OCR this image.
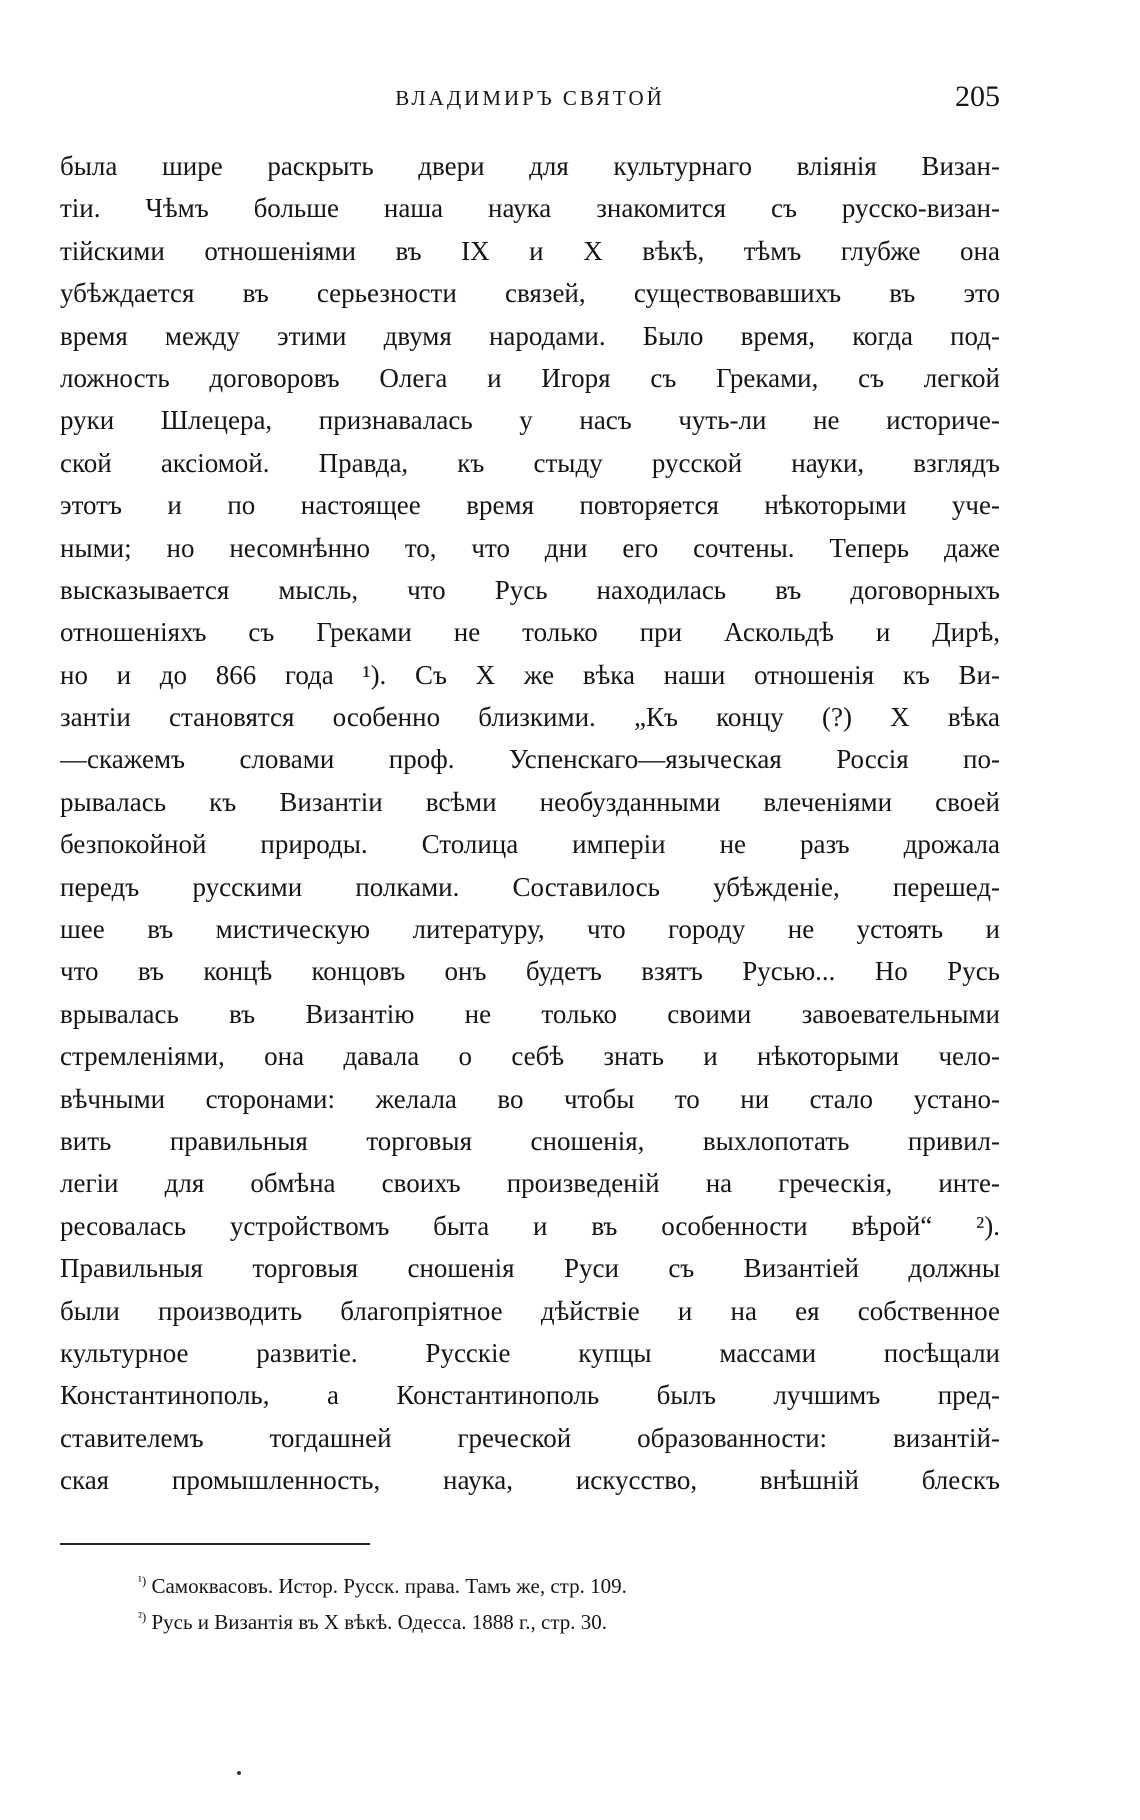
ВЛАДИМИРЪ СВЯТОЙ	205
была шире раскрыть двери для культурнаго вліянія Визан-
тіи. Чѣмъ больше наша наука знакомится съ русско-визан-
тійскими отношеніями въ IX и X вѣкѣ, тѣмъ глубже она
убѣждается въ серьезности связей, существовавшихъ въ это
время между этими двумя народами. Было время, когда под-
ложность договоровъ Олега и Игоря съ Греками, съ легкой
руки Шлецера, признавалась у насъ чуть-ли не историче-
ской аксіомой. Правда, къ стыду русской науки, взглядъ
этотъ и по настоящее время повторяется нѣкоторыми уче-
ными; но несомнѣнно то, что дни его сочтены. Теперь даже
высказывается мысль, что Русь находилась въ договорныхъ
отношеніяхъ съ Греками не только при Аскольдѣ и Дирѣ,
но и до 866 года ¹). Съ X же вѣка наши отношенія къ Ви-
зантіи становятся особенно близкими. „Къ концу (?) X вѣка
—скажемъ словами проф. Успенскаго—языческая Россія по-
рывалась къ Византіи всѣми необузданными влеченіями своей
безпокойной природы. Столица имперіи не разъ дрожала
передъ русскими полками. Составилось убѣжденіе, перешед-
шее въ мистическую литературу, что городу не устоять и
что въ концѣ концовъ онъ будетъ взятъ Русью... Но Русь
врывалась въ Византію не только своими завоевательными
стремленіями, она давала о себѣ знать и нѣкоторыми чело-
вѣчными сторонами: желала во чтобы то ни стало устано-
вить правильныя торговыя сношенія, выхлопотать привил-
легіи для обмѣна своихъ произведеній на греческія, инте-
ресовалась устройствомъ быта и въ особенности вѣрой“ ²).
Правильныя торговыя сношенія Руси съ Византіей должны
были производить благопріятное дѣйствіе и на ея собственное
культурное развитіе. Русскіе купцы массами посѣщали
Константинополь, а Константинополь былъ лучшимъ пред-
ставителемъ тогдашней греческой образованности: византій-
ская промышленность, наука, искусство, внѣшній блескъ
$^{^1)}$ Самоквасовъ. Истор. Русск. права. Тамъ же, стр. 109.
$^{^2)}$ Русь и Византія въ X вѣкѣ. Одесса. 1888 г., стр. 30.
